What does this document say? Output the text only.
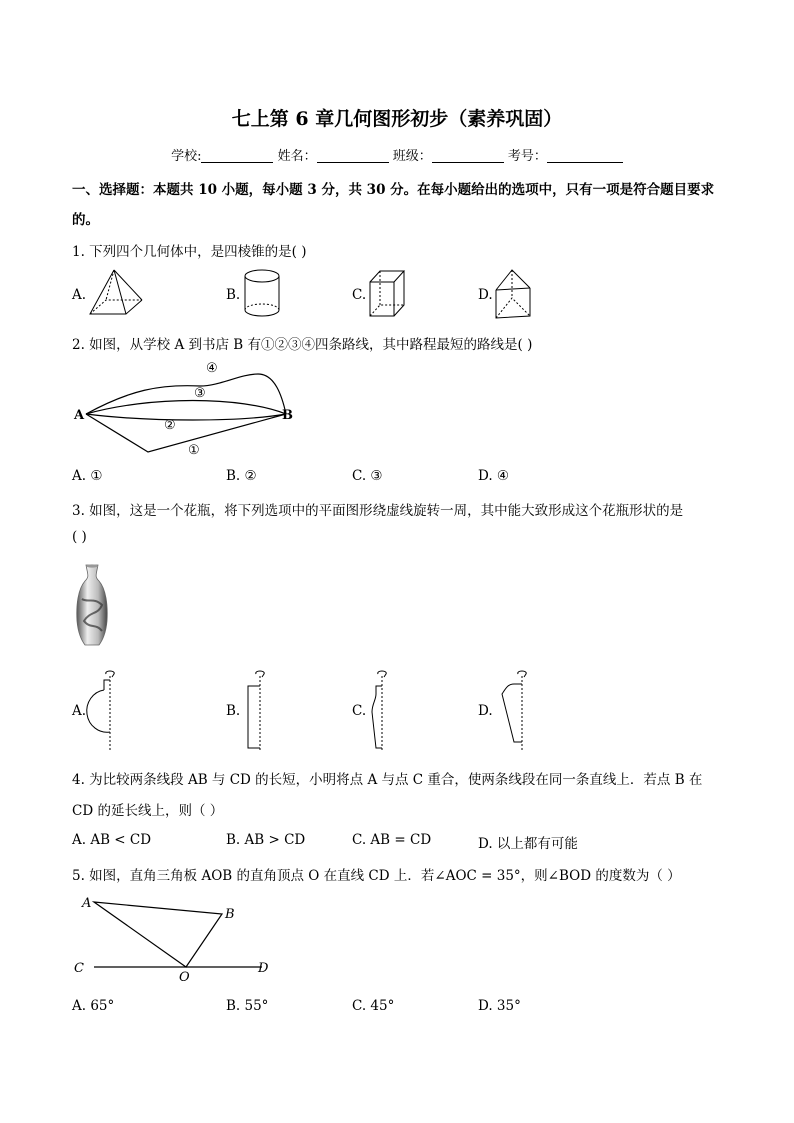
七上第 6 章几何图形初步（素养巩固）
学校:	姓名：	班级：	考号：
一、选择题：本题共 10 小题，每小题 3 分，共 30 分。在每小题给出的选项中，只有一项是符合题目要求
的。
1. 下列四个几何体中，是四棱锥的是( )
A.	B.	C.	D.
2. 如图，从学校 A 到书店 B 有①②③④四条路线，其中路程最短的路线是( )
A	B
④
③
②
①
A. ①	B. ②	C. ③	D. ④
3. 如图，这是一个花瓶，将下列选项中的平面图形绕虚线旋转一周，其中能大致形成这个花瓶形状的是
( )
A.	B.	C.	D.
4. 为比较两条线段 AB 与 CD 的长短，小明将点 A 与点 C 重合，使两条线段在同一条直线上．若点 B 在
CD 的延长线上，则（ ）
A. AB < CD	B. AB > CD	C. AB = CD	D. 以上都有可能
5. 如图，直角三角板 AOB 的直角顶点 O 在直线 CD 上．若∠AOC = 35°，则∠BOD 的度数为（ ）
A
B
C	D
O
A. 65°	B. 55°	C. 45°	D. 35°
